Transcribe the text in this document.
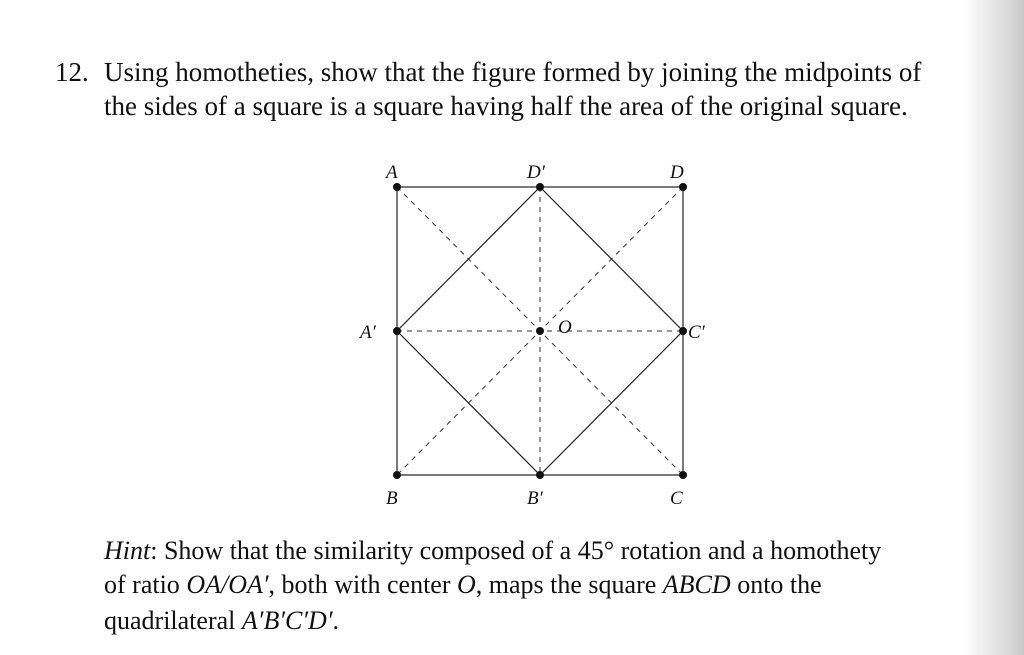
12. Using homotheties, show that the figure formed by joining the midpoints of
the sides of a square is a square having half the area of the original square.
A	D′	D
A′	O	C′
B	B′	C
Hint: Show that the similarity composed of a 45° rotation and a homothety
of ratio OA/OA′, both with center O, maps the square ABCD onto the
quadrilateral A′B′C′D′.
